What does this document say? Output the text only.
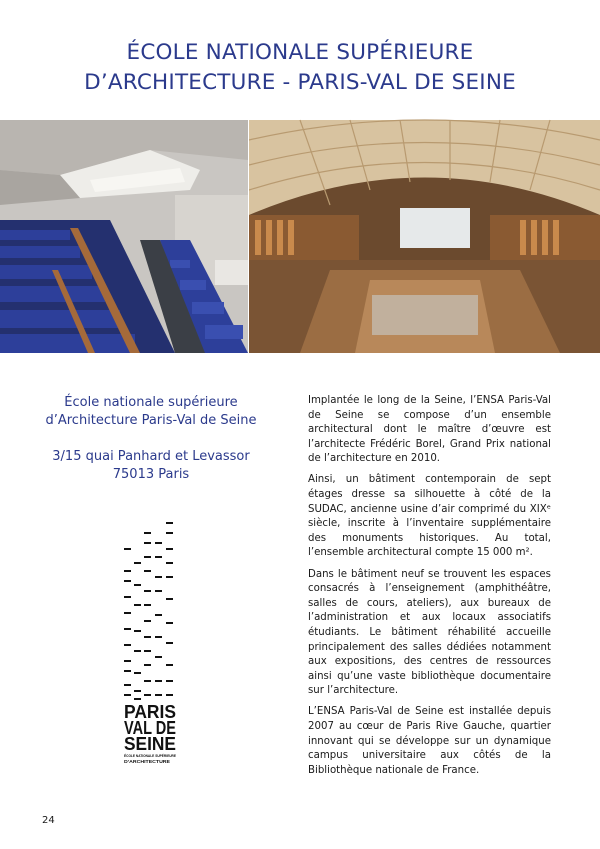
ÉCOLE NATIONALE SUPÉRIEURE
D’ARCHITECTURE - PARIS-VAL DE SEINE
École nationale supérieure
d’Architecture Paris-Val de Seine
3/15 quai Panhard et Levassor
75013 Paris
PARIS
VAL DE
SEINE
ÉCOLE NATIONALE SUPÉRIEURE
D’ARCHITECTURE

Implantée le long de la Seine, l’ENSA Paris-Val de Seine se compose d’un ensemble architectural dont le maître d’œuvre est l’architecte Frédéric Borel, Grand Prix national de l’architecture en 2010.

Ainsi, un bâtiment contemporain de sept étages dresse sa silhouette à côté de la SUDAC, ancienne usine d’air comprimé du XIXᵉ siècle, inscrite à l’inventaire supplémentaire des monuments historiques. Au total, l’ensemble architectural compte 15 000 m².

Dans le bâtiment neuf se trouvent les espaces consacrés à l’enseignement (amphithéâtre, salles de cours, ateliers), aux bureaux de l’administration et aux locaux associatifs étudiants. Le bâtiment réhabilité accueille principalement des salles dédiées notamment aux expositions, des centres de ressources ainsi qu’une vaste bibliothèque documentaire sur l’architecture.

L’ENSA Paris-Val de Seine est installée depuis 2007 au cœur de Paris Rive Gauche, quartier innovant qui se développe sur un dynamique campus universitaire aux côtés de la Bibliothèque nationale de France.

24
